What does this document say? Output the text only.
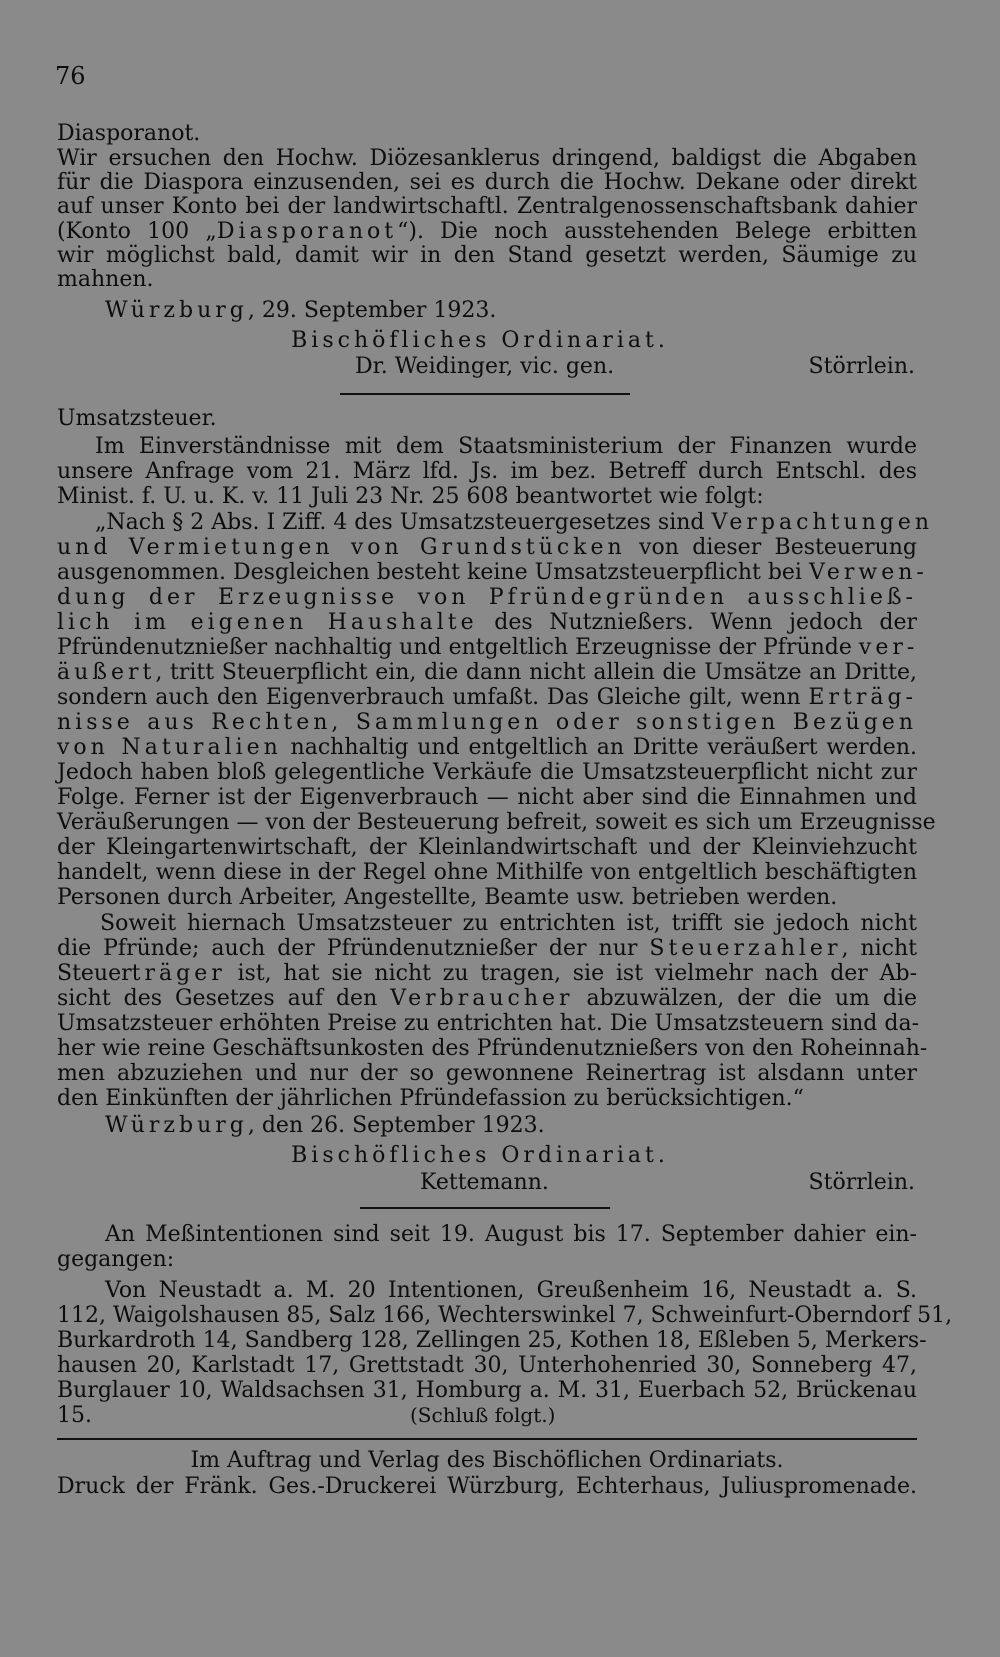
76
Diasporanot.
Wir ersuchen den Hochw. Diözesanklerus dringend, baldigst die Abgaben
für die Diaspora einzusenden, sei es durch die Hochw. Dekane oder direkt
auf unser Konto bei der landwirtschaftl. Zentralgenossenschaftsbank dahier
(Konto 100 „Diasporanot“). Die noch ausstehenden Belege erbitten
wir möglichst bald, damit wir in den Stand gesetzt werden, Säumige zu
mahnen.
Würzburg, 29. September 1923.
Bischöfliches Ordinariat.
Dr. Weidinger, vic. gen.	Störrlein.
Umsatzsteuer.
Im Einverständnisse mit dem Staatsministerium der Finanzen wurde
unsere Anfrage vom 21. März lfd. Js. im bez. Betreff durch Entschl. des
Minist. f. U. u. K. v. 11 Juli 23 Nr. 25 608 beantwortet wie folgt:
„Nach § 2 Abs. I Ziff. 4 des Umsatzsteuergesetzes sind Verpachtungen
und Vermietungen von Grundstücken von dieser Besteuerung
ausgenommen. Desgleichen besteht keine Umsatzsteuerpflicht bei Verwen-
dung der Erzeugnisse von Pfründegründen ausschließ-
lich im eigenen Haushalte des Nutznießers. Wenn jedoch der
Pfründenutznießer nachhaltig und entgeltlich Erzeugnisse der Pfründe ver-
äußert, tritt Steuerpflicht ein, die dann nicht allein die Umsätze an Dritte,
sondern auch den Eigenverbrauch umfaßt. Das Gleiche gilt, wenn Erträg-
nisse aus Rechten, Sammlungen oder sonstigen Bezügen
von Naturalien nachhaltig und entgeltlich an Dritte veräußert werden.
Jedoch haben bloß gelegentliche Verkäufe die Umsatzsteuerpflicht nicht zur
Folge. Ferner ist der Eigenverbrauch — nicht aber sind die Einnahmen und
Veräußerungen — von der Besteuerung befreit, soweit es sich um Erzeugnisse
der Kleingartenwirtschaft, der Kleinlandwirtschaft und der Kleinviehzucht
handelt, wenn diese in der Regel ohne Mithilfe von entgeltlich beschäftigten
Personen durch Arbeiter, Angestellte, Beamte usw. betrieben werden.
Soweit hiernach Umsatzsteuer zu entrichten ist, trifft sie jedoch nicht
die Pfründe; auch der Pfründenutznießer der nur Steuerzahler, nicht
Steuerträger ist, hat sie nicht zu tragen, sie ist vielmehr nach der Ab-
sicht des Gesetzes auf den Verbraucher abzuwälzen, der die um die
Umsatzsteuer erhöhten Preise zu entrichten hat. Die Umsatzsteuern sind da-
her wie reine Geschäftsunkosten des Pfründenutznießers von den Roheinnah-
men abzuziehen und nur der so gewonnene Reinertrag ist alsdann unter
den Einkünften der jährlichen Pfründefassion zu berücksichtigen.“
Würzburg, den 26. September 1923.
Bischöfliches Ordinariat.
Kettemann.	Störrlein.
An Meßintentionen sind seit 19. August bis 17. September dahier ein-
gegangen:
Von Neustadt a. M. 20 Intentionen, Greußenheim 16, Neustadt a. S.
112, Waigolshausen 85, Salz 166, Wechterswinkel 7, Schweinfurt-Oberndorf 51,
Burkardroth 14, Sandberg 128, Zellingen 25, Kothen 18, Eßleben 5, Merkers-
hausen 20, Karlstadt 17, Grettstadt 30, Unterhohenried 30, Sonneberg 47,
Burglauer 10, Waldsachsen 31, Homburg a. M. 31, Euerbach 52, Brückenau
15.	(Schluß folgt.)
Im Auftrag und Verlag des Bischöflichen Ordinariats.
Druck der Fränk. Ges.-Druckerei Würzburg, Echterhaus, Juliuspromenade.
